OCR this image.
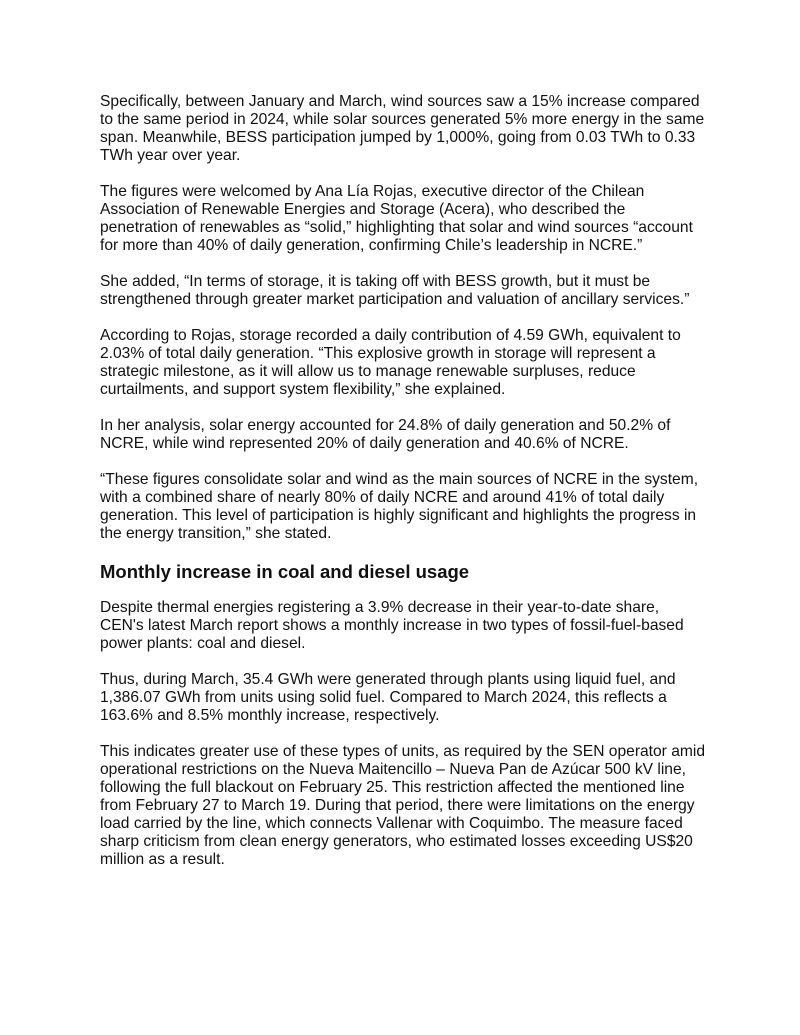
Specifically, between January and March, wind sources saw a 15% increase compared to the same period in 2024, while solar sources generated 5% more energy in the same span. Meanwhile, BESS participation jumped by 1,000%, going from 0.03 TWh to 0.33 TWh year over year.

The figures were welcomed by Ana Lía Rojas, executive director of the Chilean Association of Renewable Energies and Storage (Acera), who described the penetration of renewables as “solid,” highlighting that solar and wind sources “account for more than 40% of daily generation, confirming Chile’s leadership in NCRE.”

She added, “In terms of storage, it is taking off with BESS growth, but it must be strengthened through greater market participation and valuation of ancillary services.”

According to Rojas, storage recorded a daily contribution of 4.59 GWh, equivalent to 2.03% of total daily generation. “This explosive growth in storage will represent a strategic milestone, as it will allow us to manage renewable surpluses, reduce curtailments, and support system flexibility,” she explained.

In her analysis, solar energy accounted for 24.8% of daily generation and 50.2% of NCRE, while wind represented 20% of daily generation and 40.6% of NCRE.

“These figures consolidate solar and wind as the main sources of NCRE in the system, with a combined share of nearly 80% of daily NCRE and around 41% of total daily generation. This level of participation is highly significant and highlights the progress in the energy transition,” she stated.

Monthly increase in coal and diesel usage

Despite thermal energies registering a 3.9% decrease in their year-to-date share, CEN's latest March report shows a monthly increase in two types of fossil-fuel-based power plants: coal and diesel.

Thus, during March, 35.4 GWh were generated through plants using liquid fuel, and 1,386.07 GWh from units using solid fuel. Compared to March 2024, this reflects a 163.6% and 8.5% monthly increase, respectively.

This indicates greater use of these types of units, as required by the SEN operator amid operational restrictions on the Nueva Maitencillo – Nueva Pan de Azúcar 500 kV line, following the full blackout on February 25. This restriction affected the mentioned line from February 27 to March 19. During that period, there were limitations on the energy load carried by the line, which connects Vallenar with Coquimbo. The measure faced sharp criticism from clean energy generators, who estimated losses exceeding US$20 million as a result.
